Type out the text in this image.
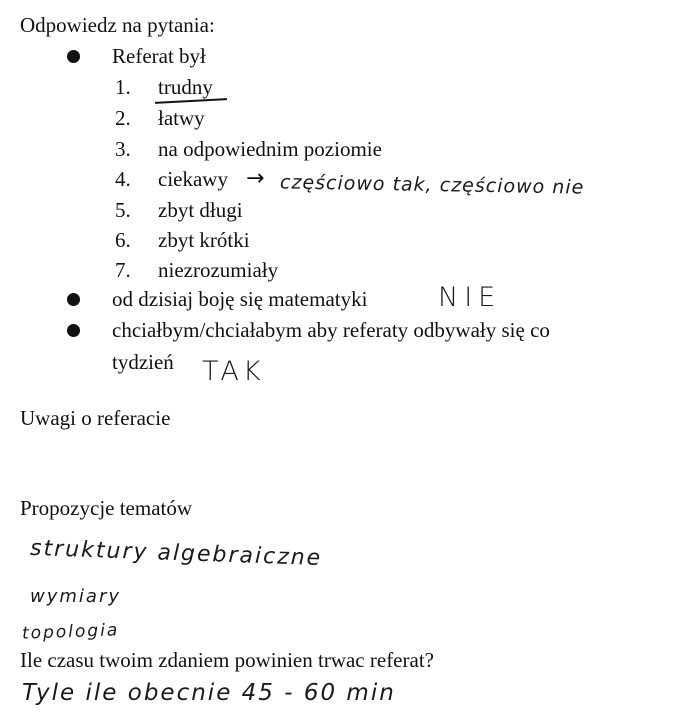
Odpowiedz na pytania:
Referat był
1. trudny
2. łatwy
3. na odpowiednim poziomie
4. ciekawy → częściowo tak, częściowo nie
5. zbyt długi
6. zbyt krótki
7. niezrozumiały
od dzisiaj boję się matematyki	NIE
chciałbym/chciałabym aby referaty odbywały się co
tydzień TAK
Uwagi o referacie
Propozycje tematów
struktury algebraiczne
wymiary
topologia
Ile czasu twoim zdaniem powinien trwac referat?
Tyle ile obecnie 45 - 60 min
